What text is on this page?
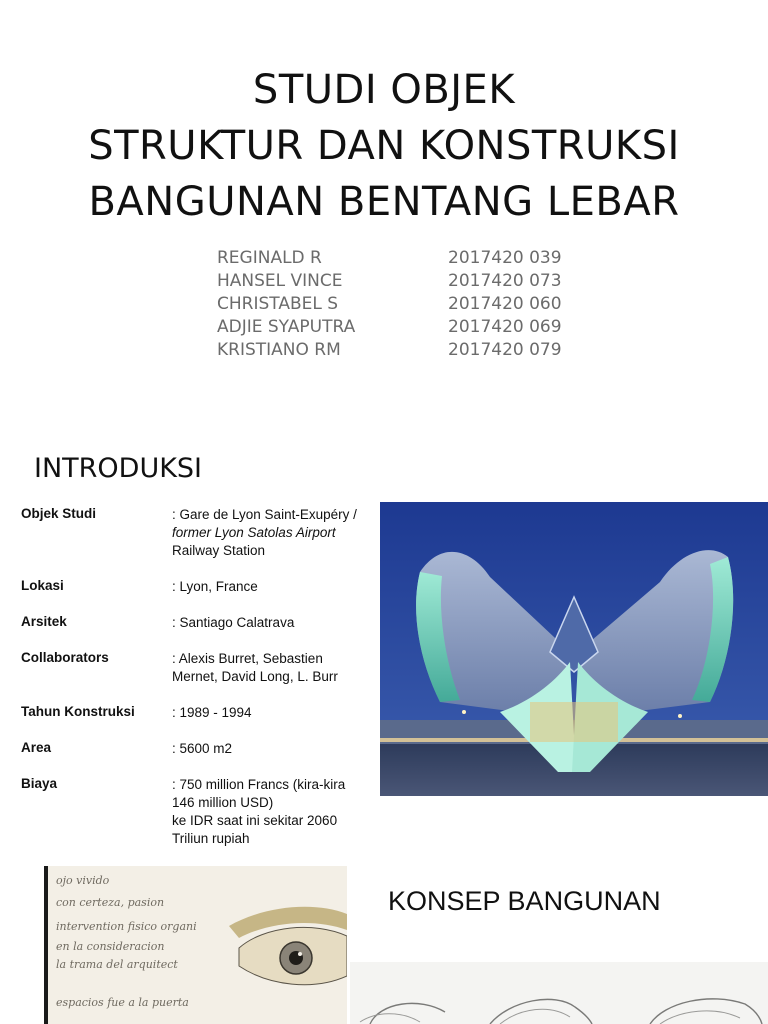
STUDI OBJEK
STRUKTUR DAN KONSTRUKSI
BANGUNAN BENTANG LEBAR
REGINALD R	2017420 039
HANSEL VINCE	2017420 073
CHRISTABEL S	2017420 060
ADJIE SYAPUTRA	2017420 069
KRISTIANO RM	2017420 079
INTRODUKSI
Objek Studi	: Gare de Lyon Saint-Exupéry /
former Lyon Satolas Airport
Railway Station
Lokasi	: Lyon, France
Arsitek	: Santiago Calatrava
Collaborators	: Alexis Burret, Sebastien
Mernet, David Long, L. Burr
Tahun Konstruksi	: 1989 - 1994
Area	: 5600 m2
Biaya	: 750 million Francs (kira-kira
146 million USD)
ke IDR saat ini sekitar 2060
Triliun rupiah
ojo vivido
con certeza, pasion
intervention fisico organi
en la consideracion
la trama del arquitect
espacios fue a la puerta
KONSEP BANGUNAN
